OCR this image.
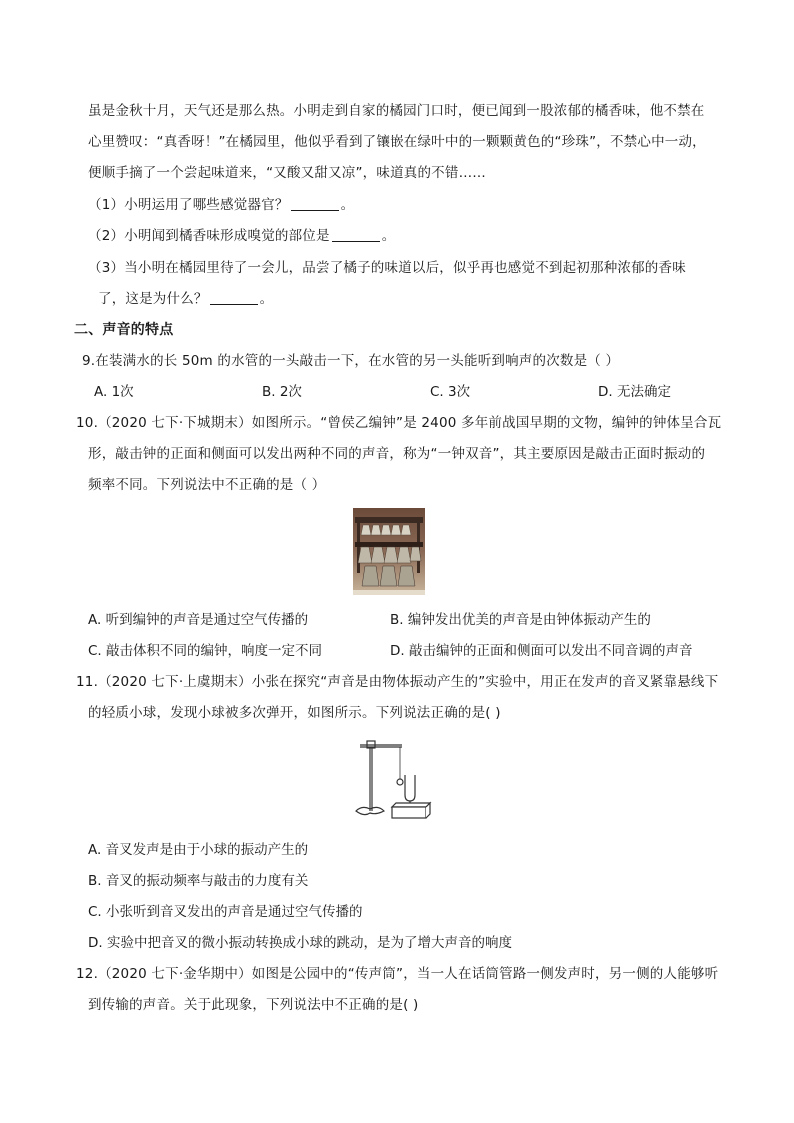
虽是金秋十月，天气还是那么热。小明走到自家的橘园门口时，便已闻到一股浓郁的橘香味，他不禁在
心里赞叹：“真香呀！”在橘园里，他似乎看到了镶嵌在绿叶中的一颗颗黄色的“珍珠”，不禁心中一动，
便顺手摘了一个尝起味道来，“又酸又甜又凉”，味道真的不错……
（1）小明运用了哪些感觉器官？	。
（2）小明闻到橘香味形成嗅觉的部位是	。
（3）当小明在橘园里待了一会儿，品尝了橘子的味道以后，似乎再也感觉不到起初那种浓郁的香味
了，这是为什么？	。
二、声音的特点
9.在装满水的长 50m 的水管的一头敲击一下，在水管的另一头能听到响声的次数是（ ）
A. 1次	B. 2次	C. 3次	D. 无法确定
10.（2020 七下·下城期末）如图所示。“曾侯乙编钟”是 2400 多年前战国早期的文物，编钟的钟体呈合瓦
形，敲击钟的正面和侧面可以发出两种不同的声音，称为“一钟双音”，其主要原因是敲击正面时振动的
频率不同。下列说法中不正确的是（ ）
A. 听到编钟的声音是通过空气传播的	B. 编钟发出优美的声音是由钟体振动产生的
C. 敲击体积不同的编钟，响度一定不同	D. 敲击编钟的正面和侧面可以发出不同音调的声音
11.（2020 七下·上虞期末）小张在探究“声音是由物体振动产生的”实验中，用正在发声的音叉紧靠悬线下
的轻质小球，发现小球被多次弹开，如图所示。下列说法正确的是( )
A. 音叉发声是由于小球的振动产生的
B. 音叉的振动频率与敲击的力度有关
C. 小张听到音叉发出的声音是通过空气传播的
D. 实验中把音叉的微小振动转换成小球的跳动，是为了增大声音的响度
12.（2020 七下·金华期中）如图是公园中的“传声筒”，当一人在话筒管路一侧发声时，另一侧的人能够听
到传输的声音。关于此现象，下列说法中不正确的是( )
